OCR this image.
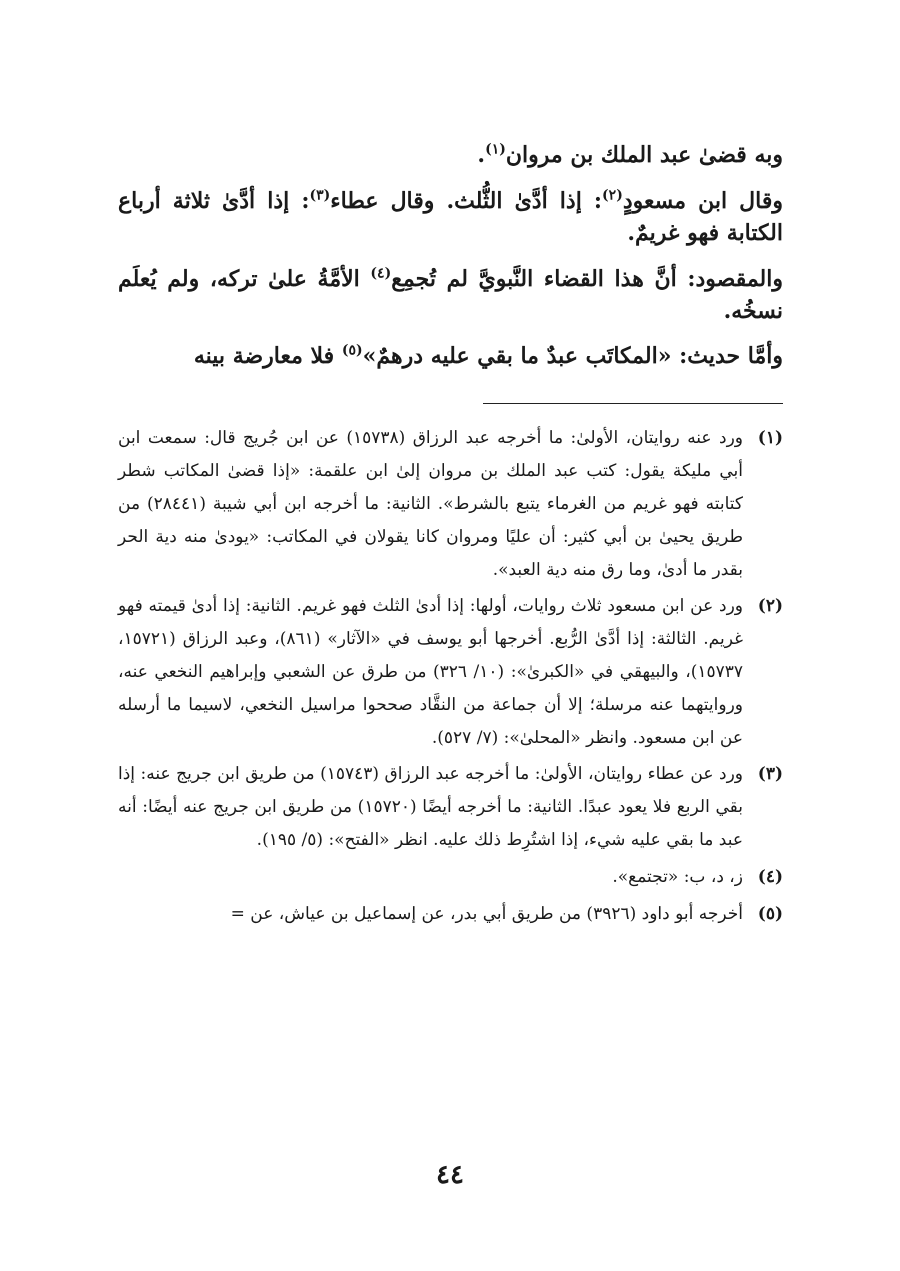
وبه قضىٰ عبد الملك بن مروان$^{(١)}$.

وقال ابن مسعودٍ$^{(٢)}$: إذا أدَّىٰ الثُّلث. وقال عطاء$^{(٣)}$: إذا أدَّىٰ ثلاثة أرباع الكتابة فهو غريمٌ.

والمقصود: أنَّ هذا القضاء النَّبويَّ لم تُجمِع$^{(٤)}$ الأمَّةُ علىٰ تركه، ولم يُعلَم نسخُه.

وأمَّا حديث: «المكاتَب عبدٌ ما بقي عليه درهمٌ»$^{(٥)}$ فلا معارضة بينه

(١)
ورد عنه روايتان، الأولىٰ: ما أخرجه عبد الرزاق (١٥٧٣٨) عن ابن جُريج قال: سمعت ابن أبي مليكة يقول: كتب عبد الملك بن مروان إلىٰ ابن علقمة: «إذا قضىٰ المكاتب شطر كتابته فهو غريم من الغرماء يتبع بالشرط». الثانية: ما أخرجه ابن أبي شيبة (٢٨٤٤١) من طريق يحيىٰ بن أبي كثير: أن عليًا ومروان كانا يقولان في المكاتب: «يودىٰ منه دية الحر بقدر ما أدىٰ، وما رق منه دية العبد».
(٢)
ورد عن ابن مسعود ثلاث روايات، أولها: إذا أدىٰ الثلث فهو غريم. الثانية: إذا أدىٰ قيمته فهو غريم. الثالثة: إذا أدَّىٰ الرُّبع. أخرجها أبو يوسف في «الآثار» (٨٦١)، وعبد الرزاق (١٥٧٢١، ١٥٧٣٧)، والبيهقي في «الكبرىٰ»: (١٠/ ٣٢٦) من طرق عن الشعبي وإبراهيم النخعي عنه، وروايتهما عنه مرسلة؛ إلا أن جماعة من النقَّاد صححوا مراسيل النخعي، لاسيما ما أرسله عن ابن مسعود. وانظر «المحلىٰ»: (٧/ ٥٢٧).
(٣)
ورد عن عطاء روايتان، الأولىٰ: ما أخرجه عبد الرزاق (١٥٧٤٣) من طريق ابن جريج عنه: إذا بقي الربع فلا يعود عبدًا. الثانية: ما أخرجه أيضًا (١٥٧٢٠) من طريق ابن جريج عنه أيضًا: أنه عبد ما بقي عليه شيء، إذا اشتُرِط ذلك عليه. انظر «الفتح»: (٥/ ١٩٥).
(٤)
ز، د، ب: «تجتمع».
(٥)
أخرجه أبو داود (٣٩٢٦) من طريق أبي بدر، عن إسماعيل بن عياش، عن =
٤٤
